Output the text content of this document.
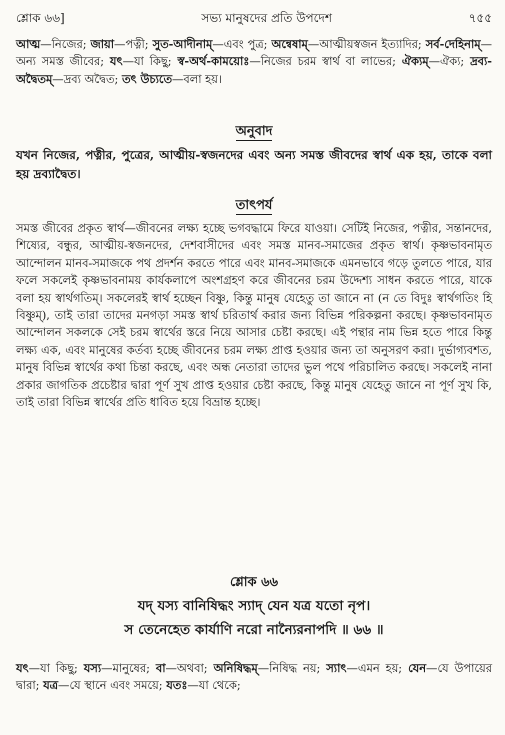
শ্লোক ৬৬]	সভ্য মানুষদের প্রতি উপদেশ	৭৫৫
আত্ম—নিজের; জায়া—পত্নী; সুত-আদীনাম্—এবং পুত্র; অন্বেষাম্—আত্মীয়স্বজন ইত্যাদির; সর্ব-দেহিনাম্—অন্য সমস্ত জীবের; যৎ—যা কিছু; স্ব-অর্থ-কাময়োঃ—নিজের চরম স্বার্থ বা লাভের; ঐক্যম্—ঐক্য; দ্রব্য-অদ্বৈতম্—দ্রব্য অদ্বৈত; তৎ উচ্যতে—বলা হয়।
অনুবাদ
যখন নিজের, পত্নীর, পুত্রের, আত্মীয়-স্বজনদের এবং অন্য সমস্ত জীবদের স্বার্থ এক হয়, তাকে বলা হয় দ্রব্যাদ্বৈত।
তাৎপর্য
সমস্ত জীবের প্রকৃত স্বার্থ—জীবনের লক্ষ্য হচ্ছে ভগবদ্ধামে ফিরে যাওয়া। সেটিই নিজের, পত্নীর, সন্তানদের, শিষ্যের, বন্ধুর, আত্মীয়-স্বজনদের, দেশবাসীদের এবং সমস্ত মানব-সমাজের প্রকৃত স্বার্থ। কৃষ্ণভাবনামৃত আন্দোলন মানব-সমাজকে পথ প্রদর্শন করতে পারে এবং মানব-সমাজকে এমনভাবে গড়ে তুলতে পারে, যার ফলে সকলেই কৃষ্ণভাবনাময় কার্যকলাপে অংশগ্রহণ করে জীবনের চরম উদ্দেশ্য সাধন করতে পারে, যাকে বলা হয় স্বার্থগতিম্। সকলেরই স্বার্থ হচ্ছেন বিষ্ণু, কিন্তু মানুষ যেহেতু তা জানে না (ন তে বিদুঃ স্বার্থগতিং হি বিষ্ণুম্), তাই তারা তাদের মনগড়া সমস্ত স্বার্থ চরিতার্থ করার জন্য বিভিন্ন পরিকল্পনা করছে। কৃষ্ণভাবনামৃত আন্দোলন সকলকে সেই চরম স্বার্থের স্তরে নিয়ে আসার চেষ্টা করছে। এই পন্থার নাম ভিন্ন হতে পারে কিন্তু লক্ষ্য এক, এবং মানুষের কর্তব্য হচ্ছে জীবনের চরম লক্ষ্য প্রাপ্ত হওয়ার জন্য তা অনুসরণ করা। দুর্ভাগ্যবশত, মানুষ বিভিন্ন স্বার্থের কথা চিন্তা করছে, এবং অন্ধ নেতারা তাদের ভুল পথে পরিচালিত করছে। সকলেই নানা প্রকার জাগতিক প্রচেষ্টার দ্বারা পূর্ণ সুখ প্রাপ্ত হওয়ার চেষ্টা করছে, কিন্তু মানুষ যেহেতু জানে না পূর্ণ সুখ কি, তাই তারা বিভিন্ন স্বার্থের প্রতি ধাবিত হয়ে বিভ্রান্ত হচ্ছে।
শ্লোক ৬৬
যদ্ যস্য বানিষিদ্ধং স্যাদ্ যেন যত্র যতো নৃপ।
স তেনেহেত কার্যাণি নরো নান্যৈরনাপদি ॥ ৬৬ ॥
যৎ—যা কিছু; যস্য—মানুষের; বা—অথবা; অনিষিদ্ধম্—নিষিদ্ধ নয়; স্যাৎ—এমন হয়; যেন—যে উপায়ের দ্বারা; যত্র—যে স্থানে এবং সময়ে; যতঃ—যা থেকে;
